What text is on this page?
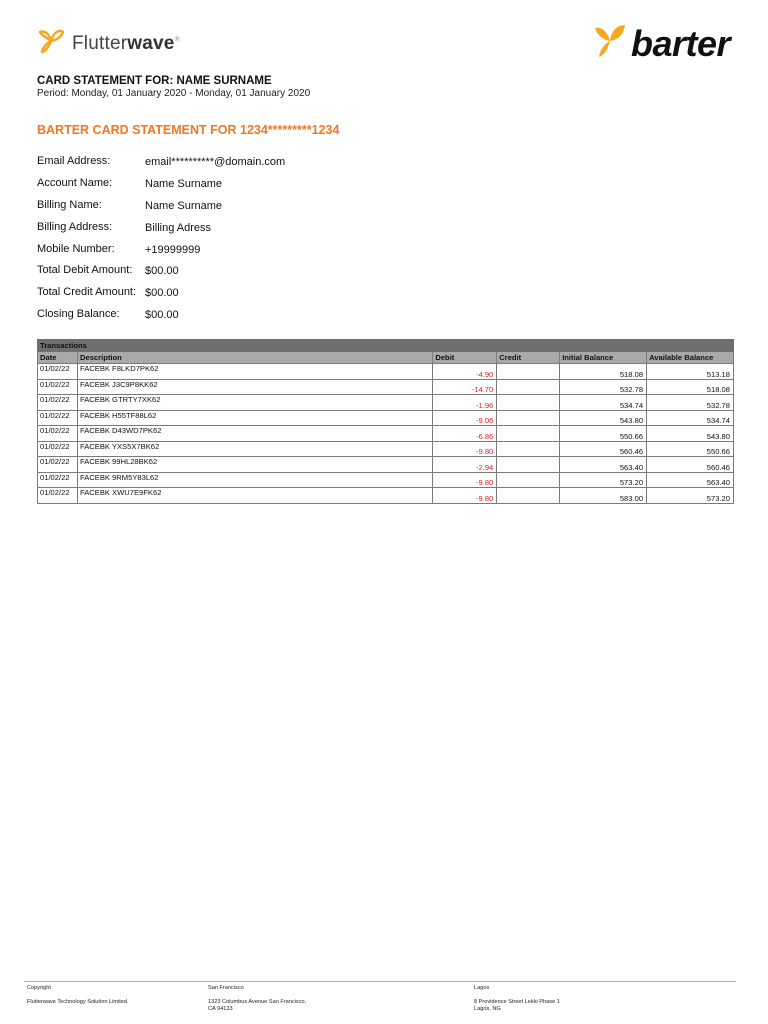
Flutterwave®	barter
CARD STATEMENT FOR: NAME SURNAME
Period: Monday, 01 January 2020 - Monday, 01 January 2020
BARTER CARD STATEMENT FOR 1234*********1234
Email Address:	email**********@domain.com
Account Name:	Name Surname
Billing Name:	Name Surname
Billing Address:	Billing Adress
Mobile Number:	+19999999
Total Debit Amount:	$00.00
Total Credit Amount: $00.00
Closing Balance:	$00.00
Transactions					
Date	Description	Debit	Credit	Initial Balance	Available Balance
01/02/22	FACEBK F8LKD7PK62	-4.90		518.08	513.18
01/02/22	FACEBK J3C9P8KK62	-14.70		532.78	518.08
01/02/22	FACEBK GTRTY7XK62	-1.96		534.74	532.78
01/02/22	FACEBK H55TF88L62	-9.06		543.80	534.74
01/02/22	FACEBK D43WD7PK62	-6.86		550.66	543.80
01/02/22	FACEBK YXS5X7BK62	-9.80		560.46	550.66
01/02/22	FACEBK 99HL28BK62	-2.94		563.40	560.46
01/02/22	FACEBK 9RM5Y83L62	-9.80		573.20	563.40
01/02/22	FACEBK XWU7E9FK62	-9.80		583.00	573.20
Copyright
Flutterwave Technology Solution Limited.
San Francisco
1323 Columbus Avenue San Francisco,
CA 94133
Lagos
8 Providence Street Lekki Phase 1
Lagos, NG
